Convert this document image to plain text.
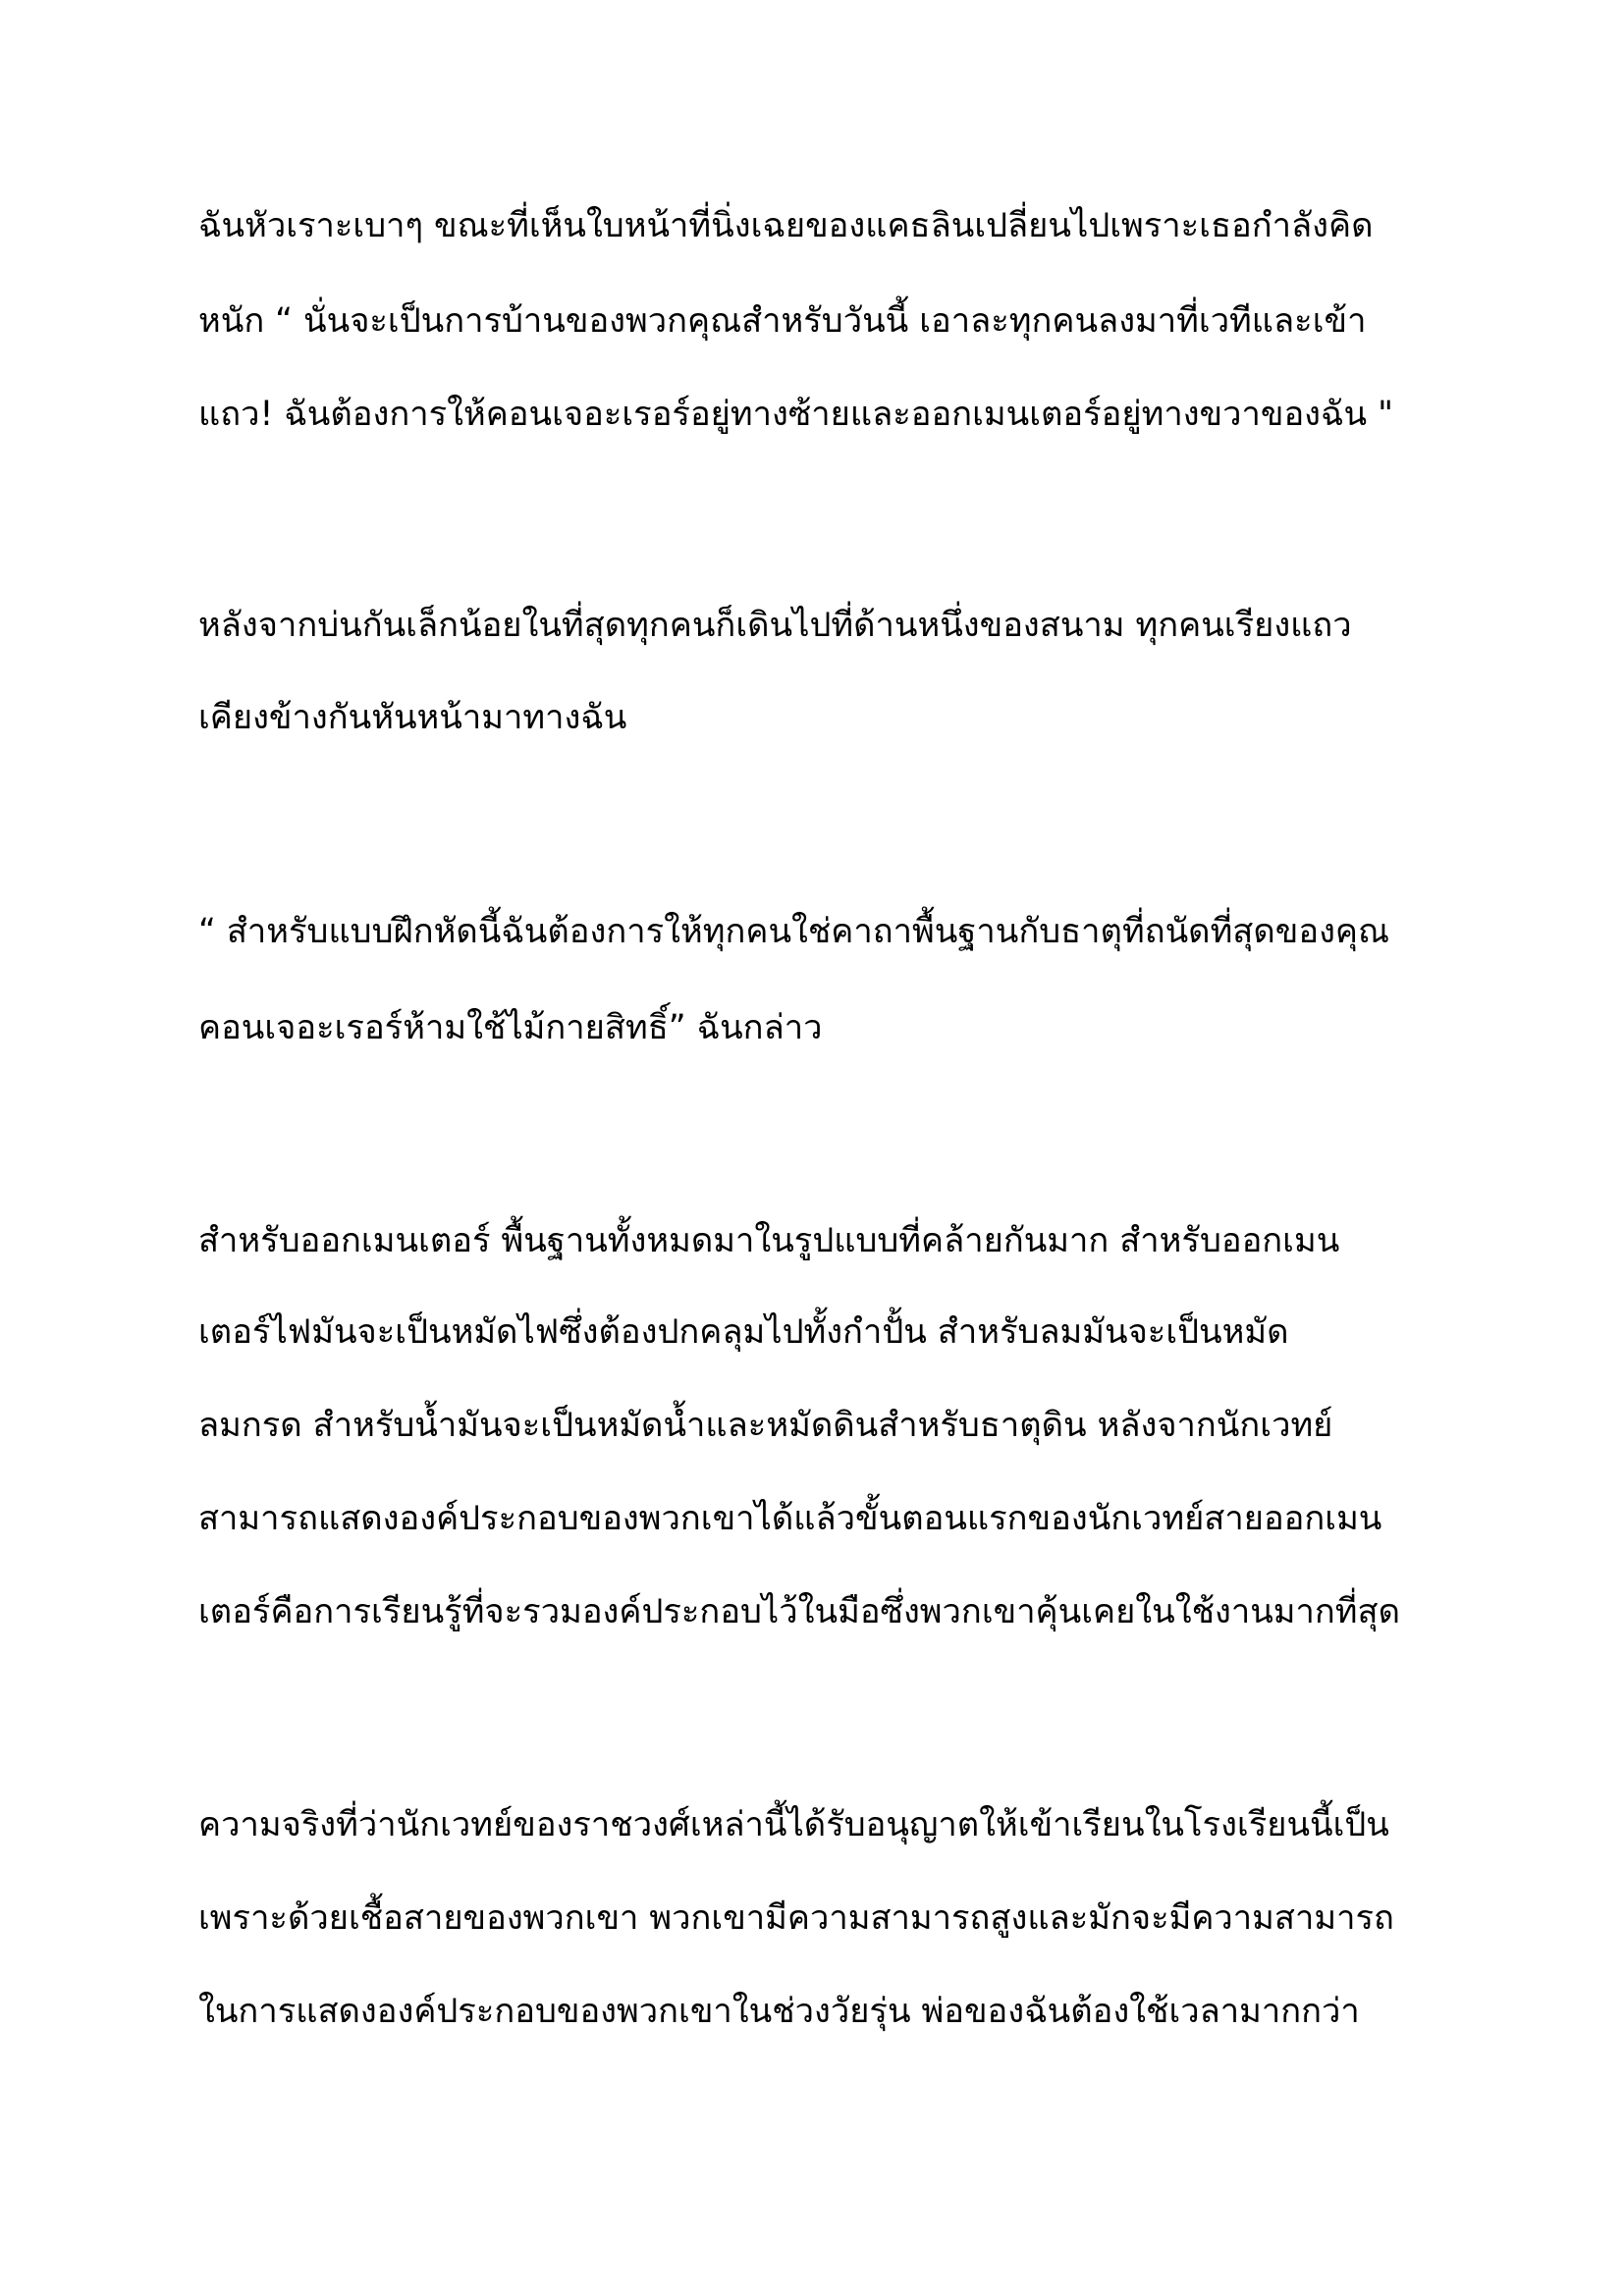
ฉันหัวเราะเบาๆ ขณะที่เห็นใบหน้าที่นิ่งเฉยของแคธลินเปลี่ยนไปเพราะเธอกำลังคิด

หนัก “ นั่นจะเป็นการบ้านของพวกคุณสำหรับวันนี้ เอาละทุกคนลงมาที่เวทีและเข้า

แถว! ฉันต้องการให้คอนเจอะเรอร์อยู่ทางซ้ายและออกเมนเตอร์อยู่ทางขวาของฉัน "

หลังจากบ่นกันเล็กน้อยในที่สุดทุกคนก็เดินไปที่ด้านหนึ่งของสนาม ทุกคนเรียงแถว

เคียงข้างกันหันหน้ามาทางฉัน

“ สำหรับแบบฝึกหัดนี้ฉันต้องการให้ทุกคนใช่คาถาพื้นฐานกับธาตุที่ถนัดที่สุดของคุณ

คอนเจอะเรอร์ห้ามใช้ไม้กายสิทธิ์” ฉันกล่าว

สำหรับออกเมนเตอร์ พื้นฐานทั้งหมดมาในรูปแบบที่คล้ายกันมาก สำหรับออกเมน

เตอร์ไฟมันจะเป็นหมัดไฟซึ่งต้องปกคลุมไปทั้งกำปั้น สำหรับลมมันจะเป็นหมัด

ลมกรด สำหรับน้ำมันจะเป็นหมัดน้ำและหมัดดินสำหรับธาตุดิน หลังจากนักเวทย์

สามารถแสดงองค์ประกอบของพวกเขาได้แล้วขั้นตอนแรกของนักเวทย์สายออกเมน

เตอร์คือการเรียนรู้ที่จะรวมองค์ประกอบไว้ในมือซึ่งพวกเขาคุ้นเคยในใช้งานมากที่สุด

ความจริงที่ว่านักเวทย์ของราชวงศ์เหล่านี้ได้รับอนุญาตให้เข้าเรียนในโรงเรียนนี้เป็น

เพราะด้วยเชื้อสายของพวกเขา พวกเขามีความสามารถสูงและมักจะมีความสามารถ

ในการแสดงองค์ประกอบของพวกเขาในช่วงวัยรุ่น พ่อของฉันต้องใช้เวลามากกว่า
